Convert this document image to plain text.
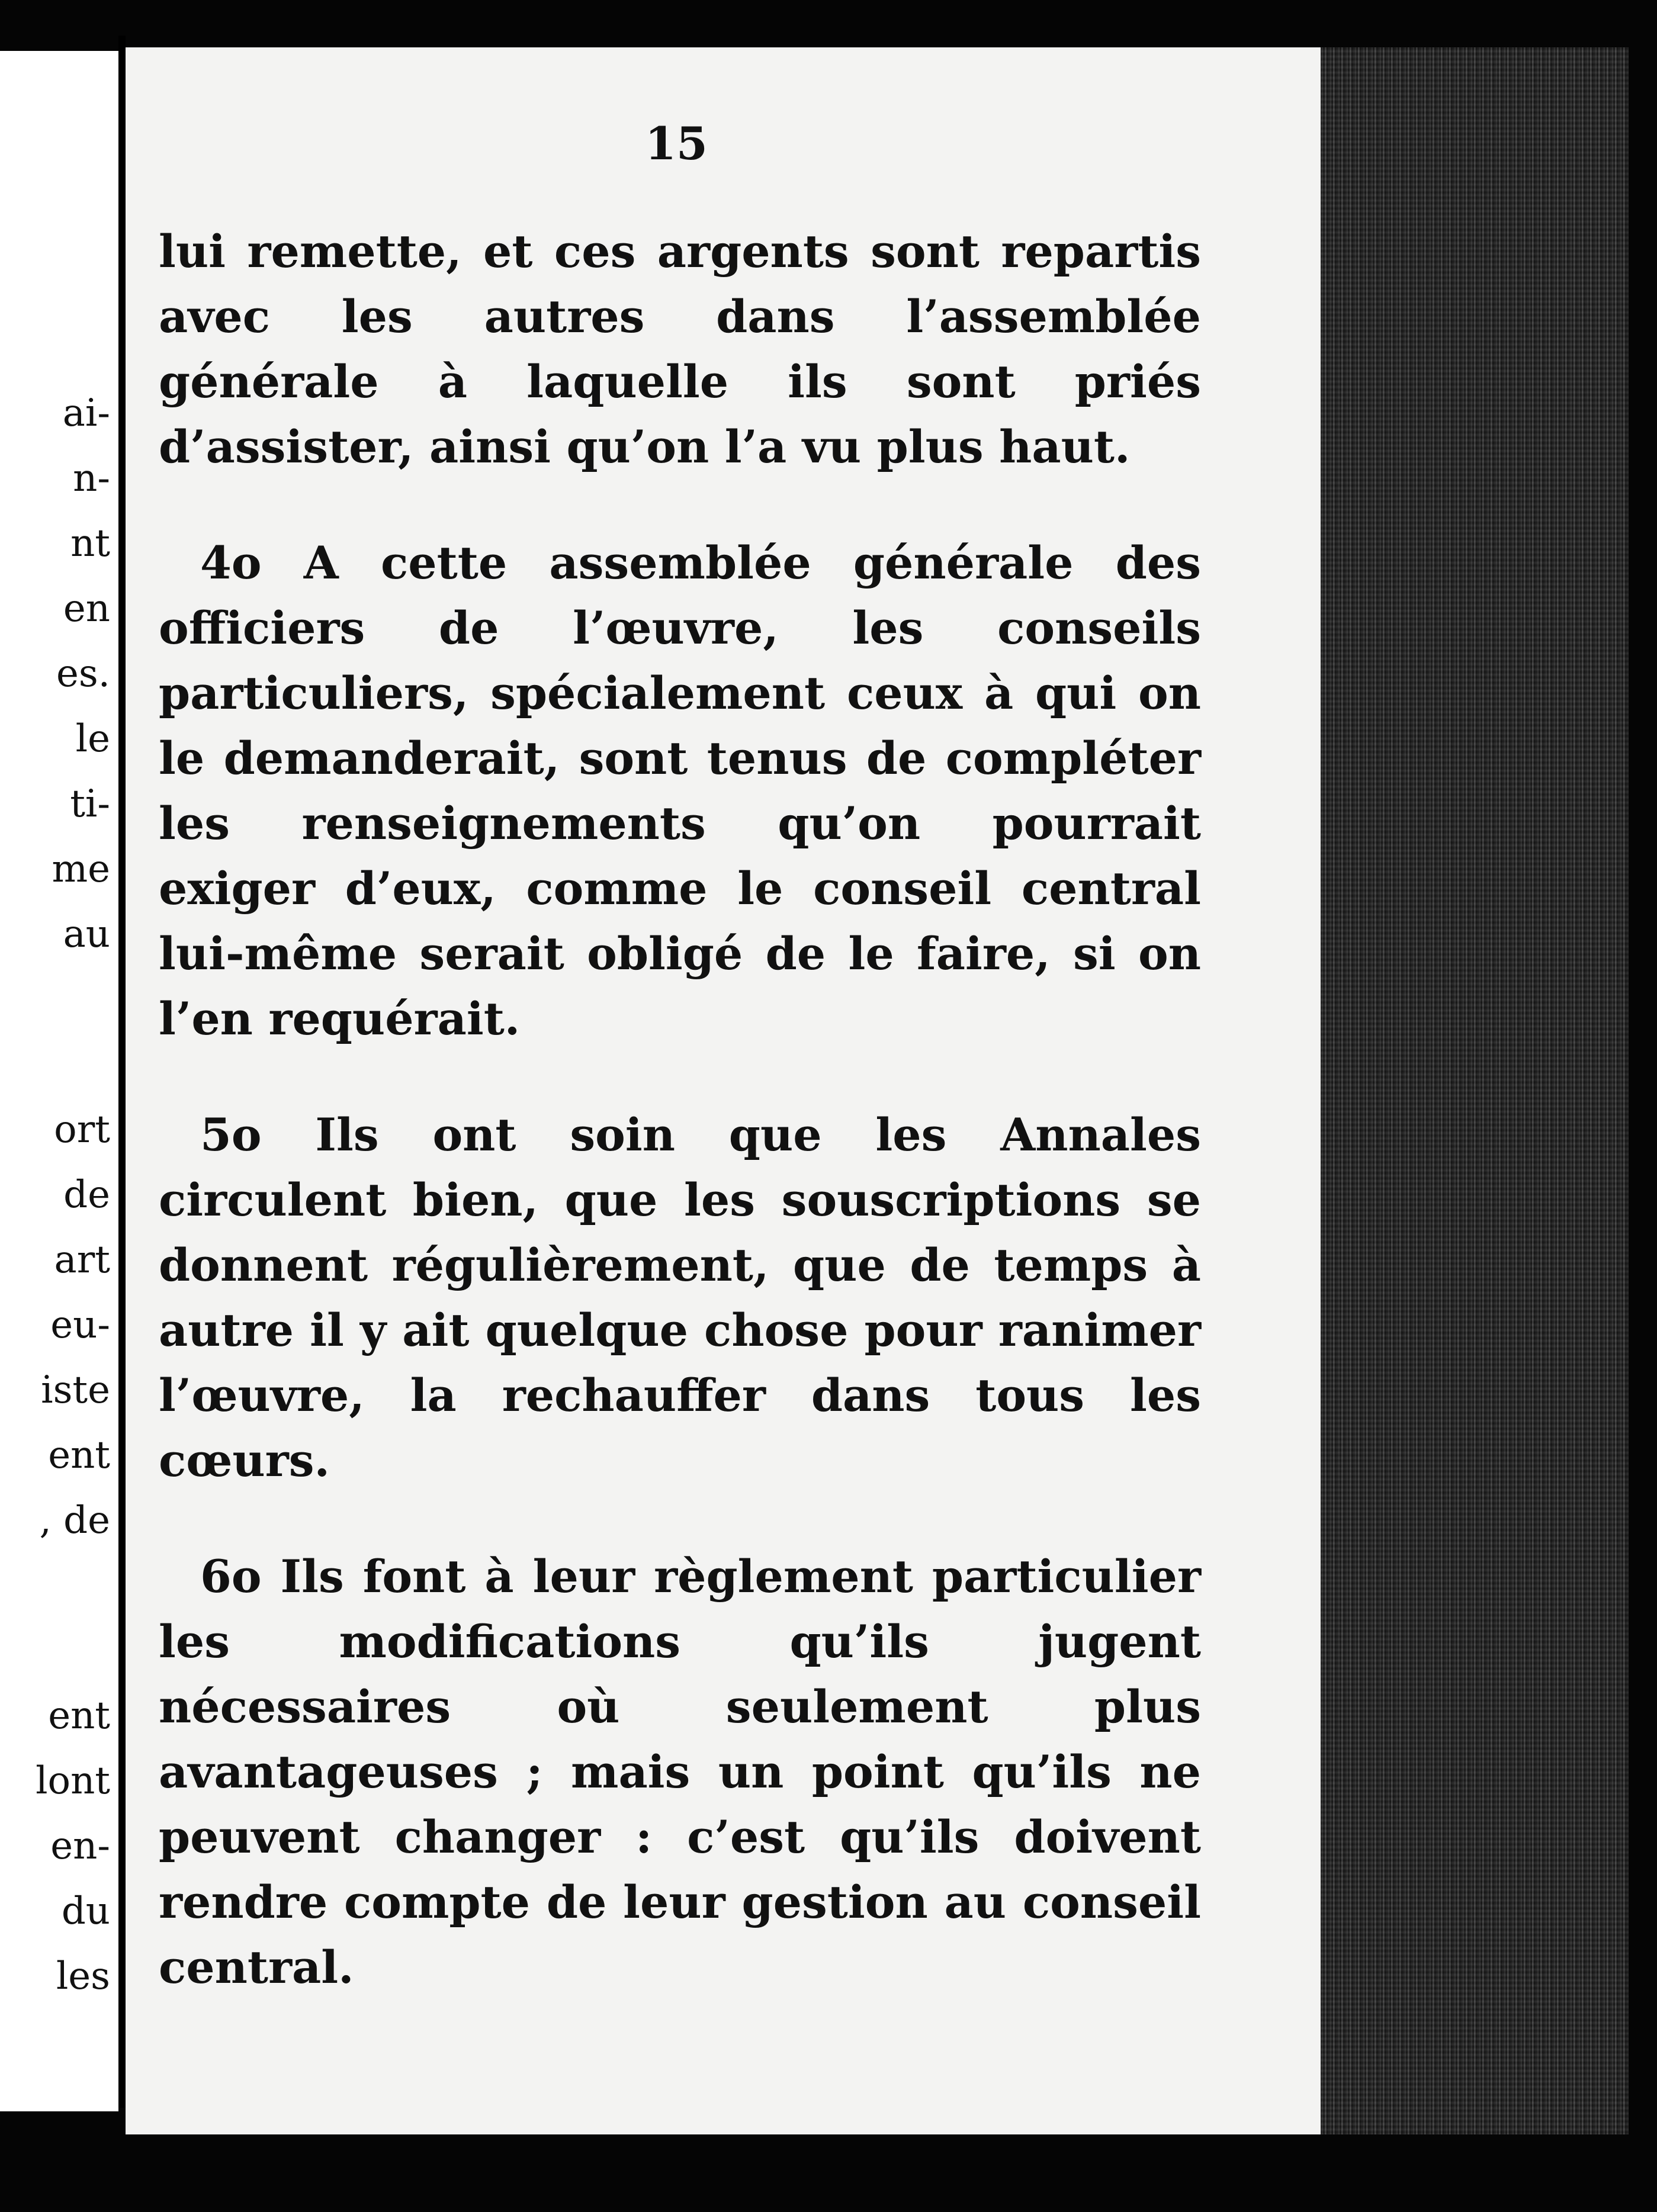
ai-
n-
nt
en
es.
le
ti-
me
au
ort
de
art
eu-
iste
ent
, de
ent
lont
en-
du
les
15

lui remette, et ces argents sont repartis avec les autres dans l’assemblée générale à laquelle ils sont priés d’assister, ainsi qu’on l’a vu plus haut.

4o A cette assemblée générale des officiers de l’œuvre, les conseils particuliers, spécialement ceux à qui on le demanderait, sont tenus de compléter les renseignements qu’on pourrait exiger d’eux, comme le conseil central lui-même serait obligé de le faire, si on l’en requérait.

5o Ils ont soin que les Annales circulent bien, que les souscriptions se donnent régulièrement, que de temps à autre il y ait quelque chose pour ranimer l’œuvre, la rechauffer dans tous les cœurs.

6o Ils font à leur règlement particulier les modifications qu’ils jugent nécessaires où seulement plus avantageuses ; mais un point qu’ils ne peuvent changer : c’est qu’ils doivent rendre compte de leur gestion au conseil central.
